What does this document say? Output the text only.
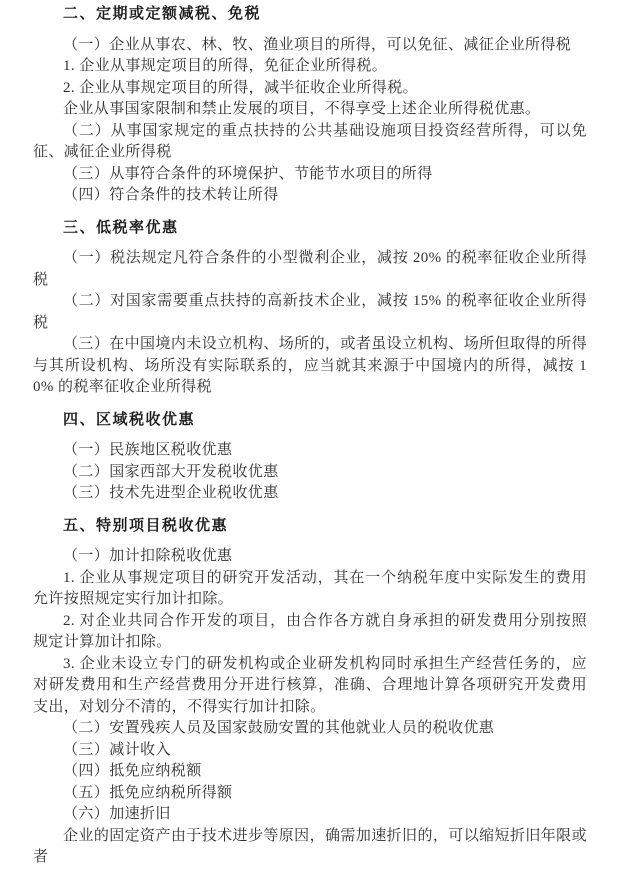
二、定期或定额减税、免税

（一）企业从事农、林、牧、渔业项目的所得，可以免征、减征企业所得税

1. 企业从事规定项目的所得，免征企业所得税。

2. 企业从事规定项目的所得，减半征收企业所得税。

企业从事国家限制和禁止发展的项目，不得享受上述企业所得税优惠。

（二）从事国家规定的重点扶持的公共基础设施项目投资经营所得，可以免征、减征企业所得税

（三）从事符合条件的环境保护、节能节水项目的所得

（四）符合条件的技术转让所得

三、低税率优惠

（一）税法规定凡符合条件的小型微利企业，减按 20% 的税率征收企业所得税

（二）对国家需要重点扶持的高新技术企业，减按 15% 的税率征收企业所得税

（三）在中国境内未设立机构、场所的，或者虽设立机构、场所但取得的所得与其所设机构、场所没有实际联系的，应当就其来源于中国境内的所得，减按 10% 的税率征收企业所得税

四、区域税收优惠

（一）民族地区税收优惠

（二）国家西部大开发税收优惠

（三）技术先进型企业税收优惠

五、特别项目税收优惠

（一）加计扣除税收优惠

1. 企业从事规定项目的研究开发活动，其在一个纳税年度中实际发生的费用允许按照规定实行加计扣除。

2. 对企业共同合作开发的项目，由合作各方就自身承担的研发费用分别按照规定计算加计扣除。

3. 企业未设立专门的研发机构或企业研发机构同时承担生产经营任务的，应对研发费用和生产经营费用分开进行核算，准确、合理地计算各项研究开发费用支出，对划分不清的，不得实行加计扣除。

（二）安置残疾人员及国家鼓励安置的其他就业人员的税收优惠

（三）减计收入

（四）抵免应纳税额

（五）抵免应纳税所得额

（六）加速折旧

企业的固定资产由于技术进步等原因，确需加速折旧的，可以缩短折旧年限或者
